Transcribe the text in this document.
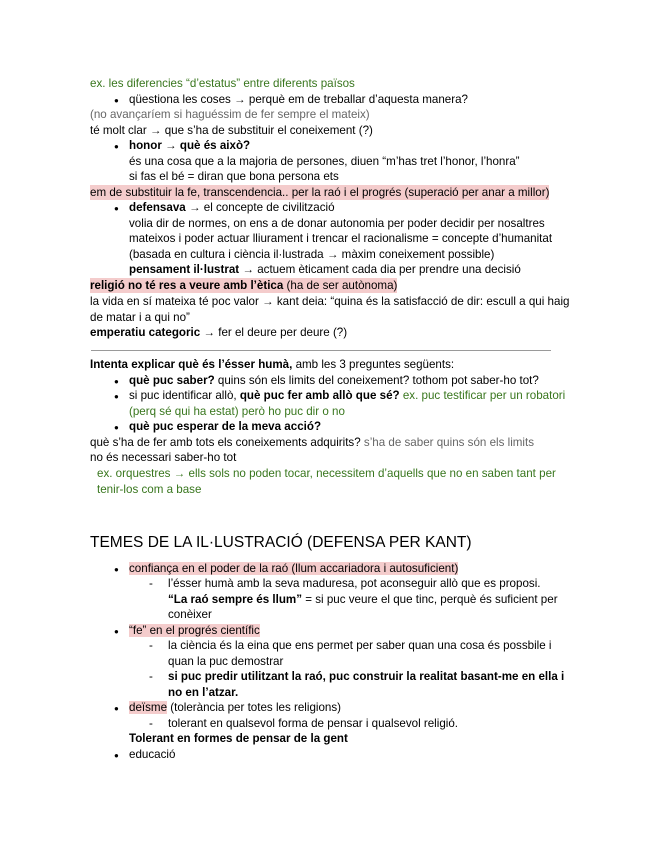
ex. les diferencies “d’estatus” entre diferents països
● qüestiona les coses → perquè em de treballar d’aquesta manera?
(no avançaríem si haguéssim de fer sempre el mateix)
té molt clar → que s’ha de substituir el coneixement (?)
● honor → què és això?
és una cosa que a la majoria de persones, diuen “m’has tret l’honor, l’honra”
si fas el bé = diran que bona persona ets
em de substituir la fe, transcendencia.. per la raó i el progrés (superació per anar a millor)
● defensava → el concepte de civilització
volia dir de normes, on ens a de donar autonomia per poder decidir per nosaltres
mateixos i poder actuar lliurament i trencar el racionalisme = concepte d’humanitat
(basada en cultura i ciència il·lustrada → màxim coneixement possible)
pensament il·lustrat → actuem èticament cada dia per prendre una decisió
religió no té res a veure amb l’ètica (ha de ser autònoma)
la vida en sí mateixa té poc valor → kant deia: “quina és la satisfacció de dir: escull a qui haig
de matar i a qui no”
emperatiu categoric → fer el deure per deure (?)
Intenta explicar què és l’ésser humà, amb les 3 preguntes següents:
● què puc saber? quins són els limits del coneixement? tothom pot saber-ho tot?
● si puc identificar allò, què puc fer amb allò que sé? ex. puc testificar per un robatori
(perq sé qui ha estat) però ho puc dir o no
● què puc esperar de la meva acció?
què s’ha de fer amb tots els coneixements adquirits? s’ha de saber quins són els limits
no és necessari saber-ho tot
ex. orquestres → ells sols no poden tocar, necessitem d’aquells que no en saben tant per
tenir-los com a base
TEMES DE LA IL·LUSTRACIÓ (DEFENSA PER KANT)
● confiança en el poder de la raó (llum accariadora i autosuficient)
- l’ésser humà amb la seva maduresa, pot aconseguir allò que es proposi.
“La raó sempre és llum” = si puc veure el que tinc, perquè és suficient per
conèixer
● “fe” en el progrés científic
- la ciència és la eina que ens permet per saber quan una cosa és possbile i
quan la puc demostrar
- si puc predir utilitzant la raó, puc construir la realitat basant-me en ella i
no en l’atzar.
● deïsme (tolerància per totes les religions)
- tolerant en qualsevol forma de pensar i qualsevol religió.
Tolerant en formes de pensar de la gent
● educació
